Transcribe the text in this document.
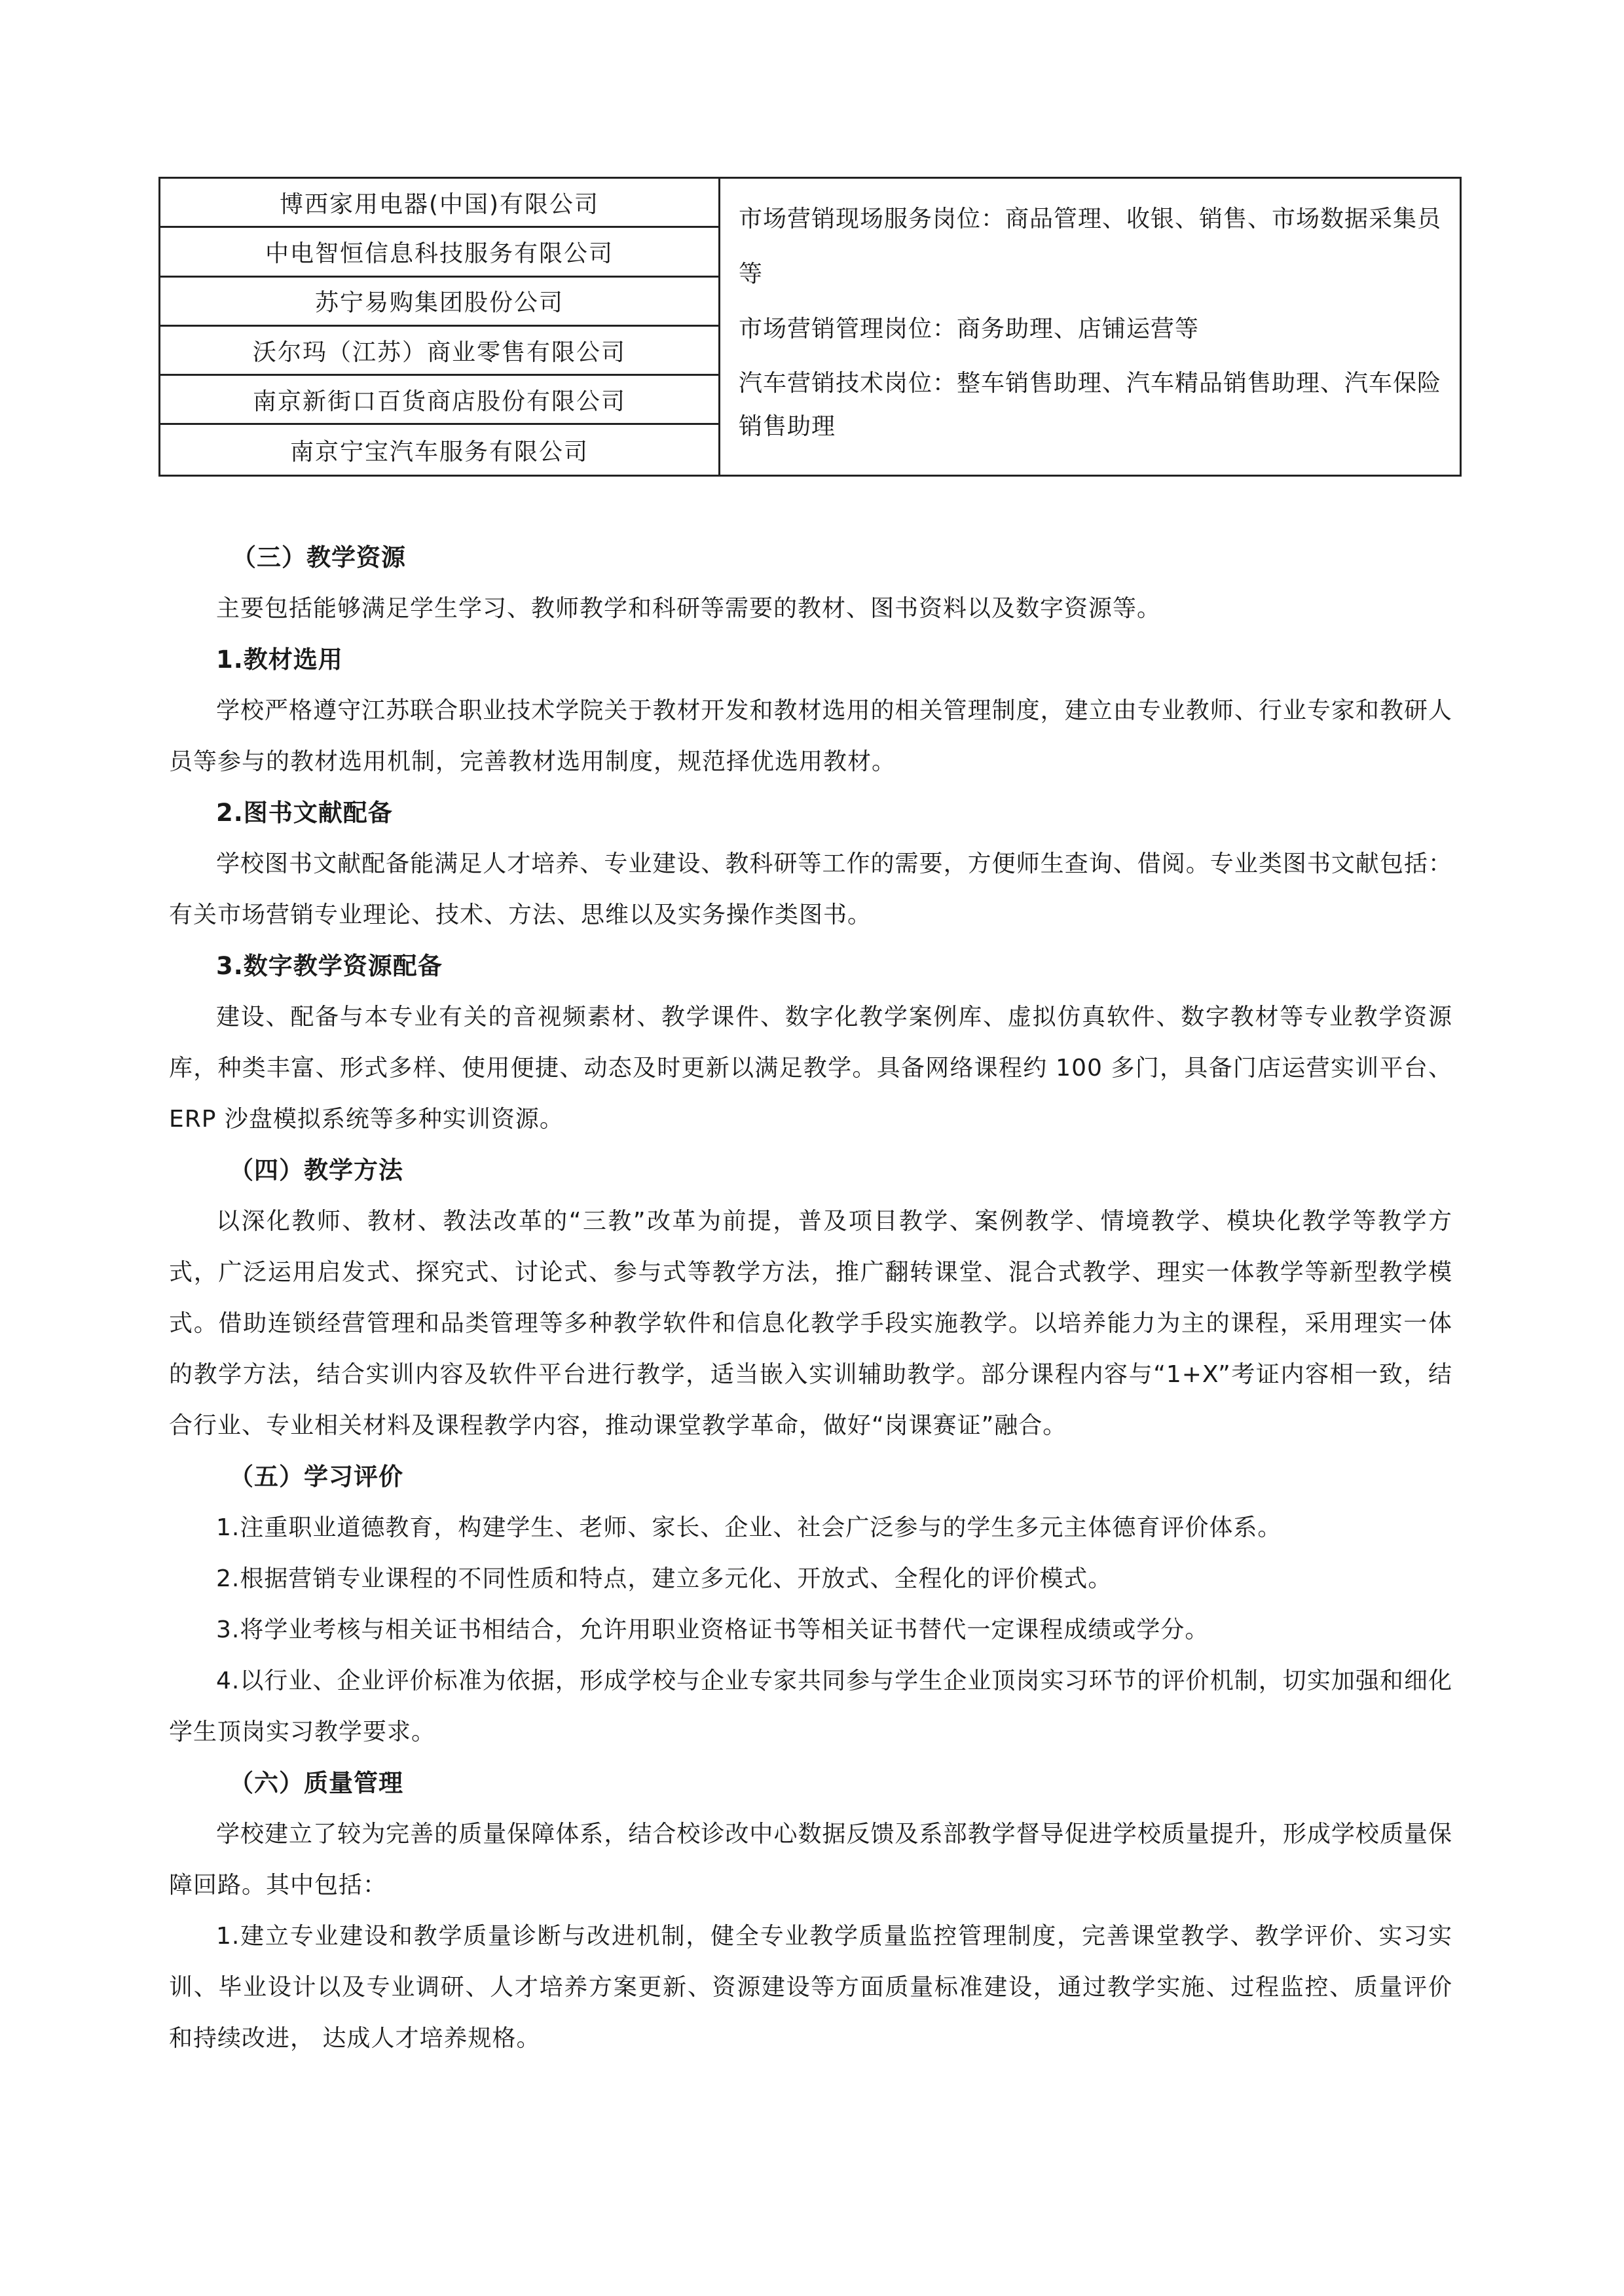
博西家用电器(中国)有限公司
中电智恒信息科技服务有限公司
苏宁易购集团股份公司
沃尔玛（江苏）商业零售有限公司
南京新街口百货商店股份有限公司
南京宁宝汽车服务有限公司

市场营销现场服务岗位：商品管理、收银、销售、市场数据采集员等

市场营销管理岗位：商务助理、店铺运营等

汽车营销技术岗位：整车销售助理、汽车精品销售助理、汽车保险销售助理

（三）教学资源

主要包括能够满足学生学习、教师教学和科研等需要的教材、图书资料以及数字资源等。

1.教材选用

学校严格遵守江苏联合职业技术学院关于教材开发和教材选用的相关管理制度，建立由专业教师、行业专家和教研人员等参与的教材选用机制，完善教材选用制度，规范择优选用教材。

2.图书文献配备

学校图书文献配备能满足人才培养、专业建设、教科研等工作的需要，方便师生查询、借阅。专业类图书文献包括：有关市场营销专业理论、技术、方法、思维以及实务操作类图书。

3.数字教学资源配备

建设、配备与本专业有关的音视频素材、教学课件、数字化教学案例库、虚拟仿真软件、数字教材等专业教学资源库，种类丰富、形式多样、使用便捷、动态及时更新以满足教学。具备网络课程约 100 多门，具备门店运营实训平台、ERP 沙盘模拟系统等多种实训资源。

（四）教学方法

以深化教师、教材、教法改革的“三教”改革为前提，普及项目教学、案例教学、情境教学、模块化教学等教学方式，广泛运用启发式、探究式、讨论式、参与式等教学方法，推广翻转课堂、混合式教学、理实一体教学等新型教学模式。借助连锁经营管理和品类管理等多种教学软件和信息化教学手段实施教学。以培养能力为主的课程，采用理实一体的教学方法，结合实训内容及软件平台进行教学，适当嵌入实训辅助教学。部分课程内容与“1+X”考证内容相一致，结合行业、专业相关材料及课程教学内容，推动课堂教学革命，做好“岗课赛证”融合。

（五）学习评价

1.注重职业道德教育，构建学生、老师、家长、企业、社会广泛参与的学生多元主体德育评价体系。

2.根据营销专业课程的不同性质和特点，建立多元化、开放式、全程化的评价模式。

3.将学业考核与相关证书相结合，允许用职业资格证书等相关证书替代一定课程成绩或学分。

4.以行业、企业评价标准为依据，形成学校与企业专家共同参与学生企业顶岗实习环节的评价机制，切实加强和细化学生顶岗实习教学要求。

（六）质量管理

学校建立了较为完善的质量保障体系，结合校诊改中心数据反馈及系部教学督导促进学校质量提升，形成学校质量保障回路。其中包括：

1.建立专业建设和教学质量诊断与改进机制，健全专业教学质量监控管理制度，完善课堂教学、教学评价、实习实训、毕业设计以及专业调研、人才培养方案更新、资源建设等方面质量标准建设，通过教学实施、过程监控、质量评价和持续改进， 达成人才培养规格。
